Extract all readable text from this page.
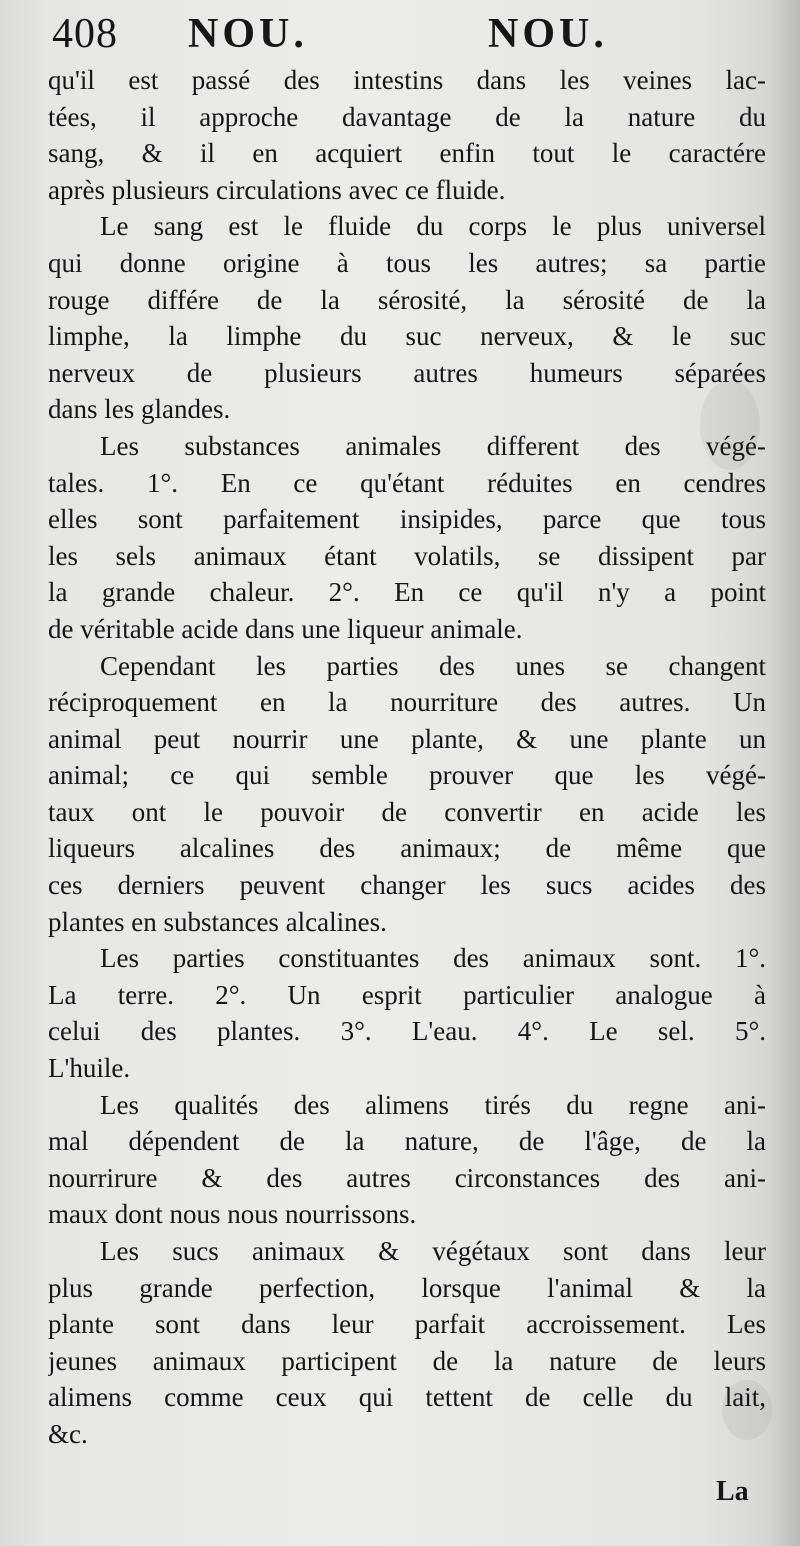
408 NOU.	NOU.
qu'il est passé des intestins dans les veines lac-
tées, il approche davantage de la nature du
sang, & il en acquiert enfin tout le caractére
après plusieurs circulations avec ce fluide.
Le sang est le fluide du corps le plus universel
qui donne origine à tous les autres; sa partie
rouge différe de la sérosité, la sérosité de la
limphe, la limphe du suc nerveux, & le suc
nerveux de plusieurs autres humeurs séparées
dans les glandes.
Les substances animales different des végé-
tales. 1°. En ce qu'étant réduites en cendres
elles sont parfaitement insipides, parce que tous
les sels animaux étant volatils, se dissipent par
la grande chaleur. 2°. En ce qu'il n'y a point
de véritable acide dans une liqueur animale.
Cependant les parties des unes se changent
réciproquement en la nourriture des autres. Un
animal peut nourrir une plante, & une plante un
animal; ce qui semble prouver que les végé-
taux ont le pouvoir de convertir en acide les
liqueurs alcalines des animaux; de même que
ces derniers peuvent changer les sucs acides des
plantes en substances alcalines.
Les parties constituantes des animaux sont. 1°.
La terre. 2°. Un esprit particulier analogue à
celui des plantes. 3°. L'eau. 4°. Le sel. 5°.
L'huile.
Les qualités des alimens tirés du regne ani-
mal dépendent de la nature, de l'âge, de la
nourrirure & des autres circonstances des ani-
maux dont nous nous nourrissons.
Les sucs animaux & végétaux sont dans leur
plus grande perfection, lorsque l'animal & la
plante sont dans leur parfait accroissement. Les
jeunes animaux participent de la nature de leurs
alimens comme ceux qui tettent de celle du lait,
&c.
La
